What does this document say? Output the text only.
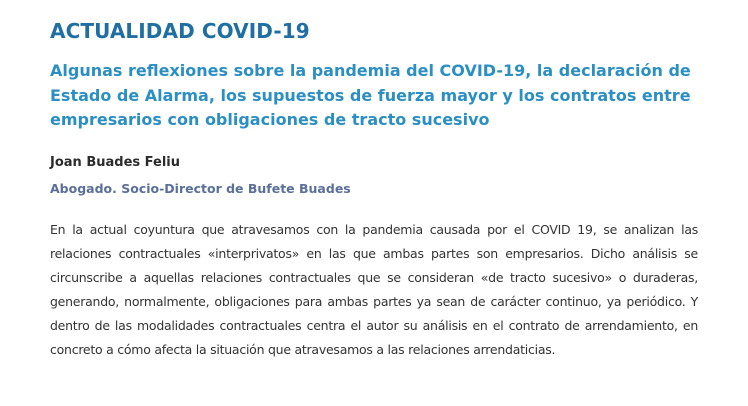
ACTUALIDAD COVID-19
Algunas reflexiones sobre la pandemia del COVID-19, la declaración de Estado de Alarma, los supuestos de fuerza mayor y los contratos entre empresarios con obligaciones de tracto sucesivo

Joan Buades Feliu

Abogado. Socio-Director de Bufete Buades

En la actual coyuntura que atravesamos con la pandemia causada por el COVID 19, se analizan las relaciones contractuales «interprivatos» en las que ambas partes son empresarios. Dicho análisis se circunscribe a aquellas relaciones contractuales que se consideran «de tracto sucesivo» o duraderas, generando, normalmente, obligaciones para ambas partes ya sean de carácter continuo, ya periódico. Y dentro de las modalidades contractuales centra el autor su análisis en el contrato de arrendamiento, en concreto a cómo afecta la situación que atravesamos a las relaciones arrendaticias.
